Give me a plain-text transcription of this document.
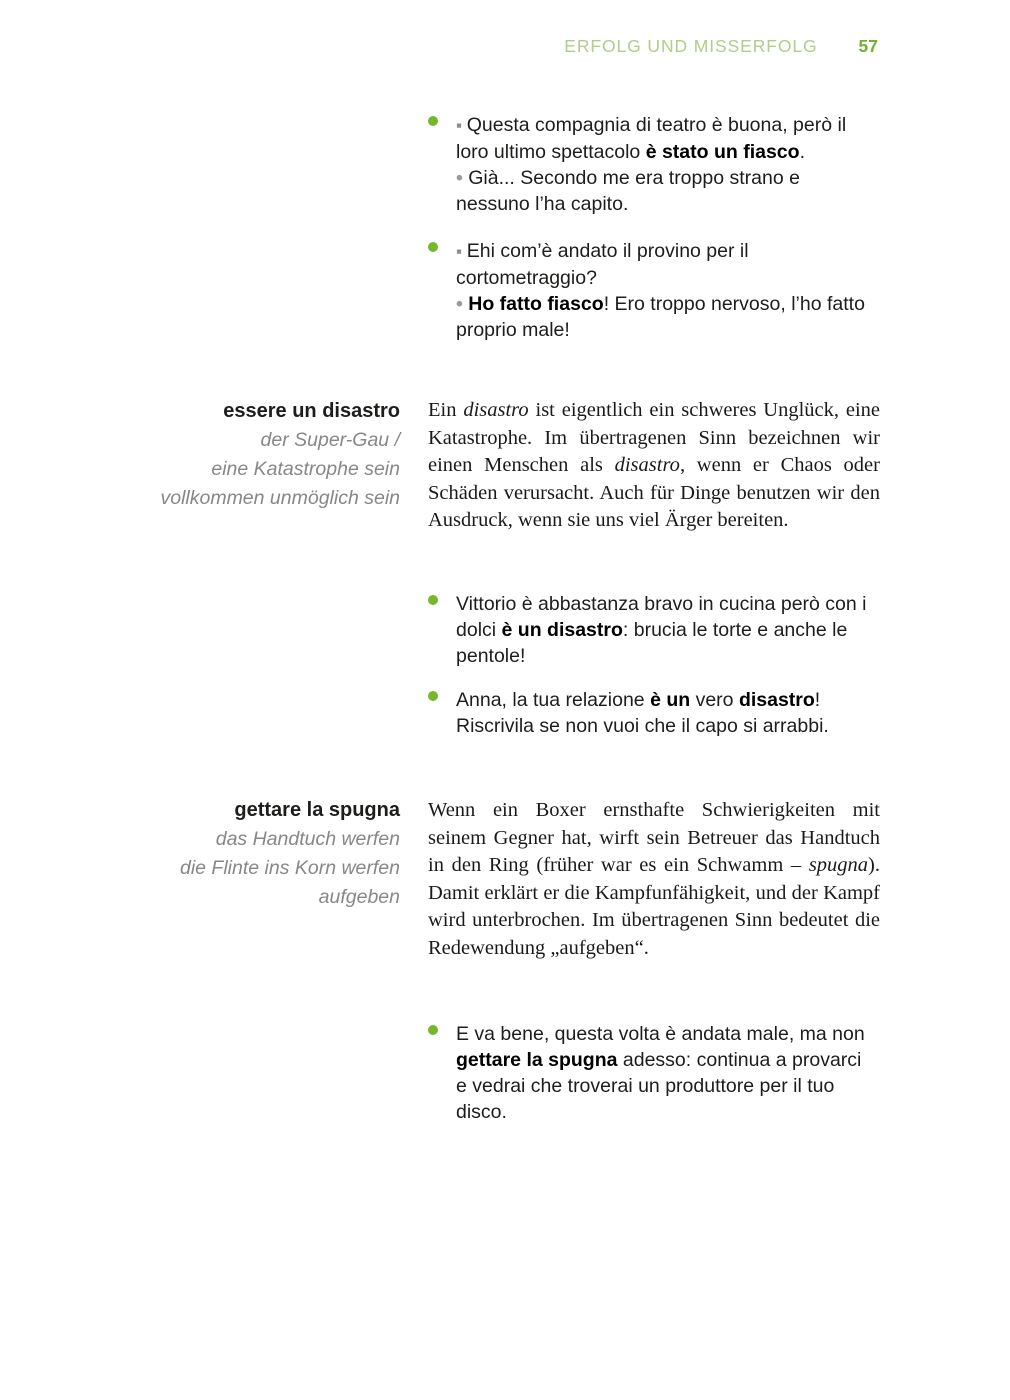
ERFOLG UND MISSERFOLG 57

▪ Questa compagnia di teatro è buona, però il loro ultimo spettacolo è stato un fiasco.

• Già... Secondo me era troppo strano e nessuno l’ha capito.

▪ Ehi com’è andato il provino per il cortometraggio?

• Ho fatto fiasco! Ero troppo nervoso, l’ho fatto proprio male!

essere un disastro

der Super-Gau /

eine Katastrophe sein

vollkommen unmöglich sein

Ein disastro ist eigentlich ein schweres Unglück, eine Katastrophe. Im übertragenen Sinn bezeichnen wir einen Menschen als disastro, wenn er Chaos oder Schäden verursacht. Auch für Dinge benutzen wir den Ausdruck, wenn sie uns viel Ärger bereiten.

Vittorio è abbastanza bravo in cucina però con i dolci è un disastro: brucia le torte e anche le pentole!

Anna, la tua relazione è un vero disastro! Riscrivila se non vuoi che il capo si arrabbi.

gettare la spugna

das Handtuch werfen

die Flinte ins Korn werfen

aufgeben

Wenn ein Boxer ernsthafte Schwierigkeiten mit seinem Gegner hat, wirft sein Betreuer das Handtuch in den Ring (früher war es ein Schwamm – spugna). Damit erklärt er die Kampfunfähigkeit, und der Kampf wird unterbrochen. Im übertragenen Sinn bedeutet die Redewendung „aufgeben“.

E va bene, questa volta è andata male, ma non gettare la spugna adesso: continua a provarci e vedrai che troverai un produttore per il tuo disco.
